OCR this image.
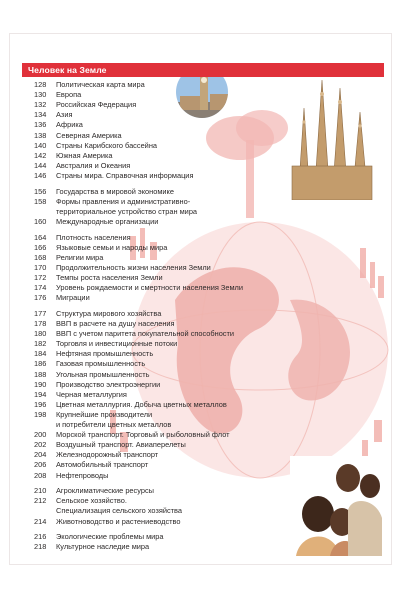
Человек на Земле
128	Политическая карта мира
130	Европа
132	Российская Федерация
134	Азия
136	Африка
138	Северная Америка
140	Страны Карибского бассейна
142	Южная Америка
144	Австралия и Океания
146	Страны мира. Справочная информация
156	Государства в мировой экономике
158	Формы правления и административно-
территориальное устройство стран мира
160	Международные организации
164	Плотность населения
166	Языковые семьи и народы мира
168	Религии мира
170	Продолжительность жизни населения Земли
172	Темпы роста населения Земли
174	Уровень рождаемости и смертности населения Земли
176	Миграции
177	Структура мирового хозяйства
178	ВВП в расчете на душу населения
180	ВВП с учетом паритета покупательной способности
182	Торговля и инвестиционные потоки
184	Нефтяная промышленность
186	Газовая промышленность
188	Угольная промышленность
190	Производство электроэнергии
194	Черная металлургия
196	Цветная металлургия. Добыча цветных металлов
198	Крупнейшие производители
и потребители цветных металлов
200	Морской транспорт. Торговый и рыболовный флот
202	Воздушный транспорт. Авиаперелеты
204	Железнодорожный транспорт
206	Автомобильный транспорт
208	Нефтепроводы
210	Агроклиматические ресурсы
212	Сельское хозяйство.
Специализация сельского хозяйства
214	Животноводство и растениеводство
216	Экологические проблемы мира
218	Культурное наследие мира
